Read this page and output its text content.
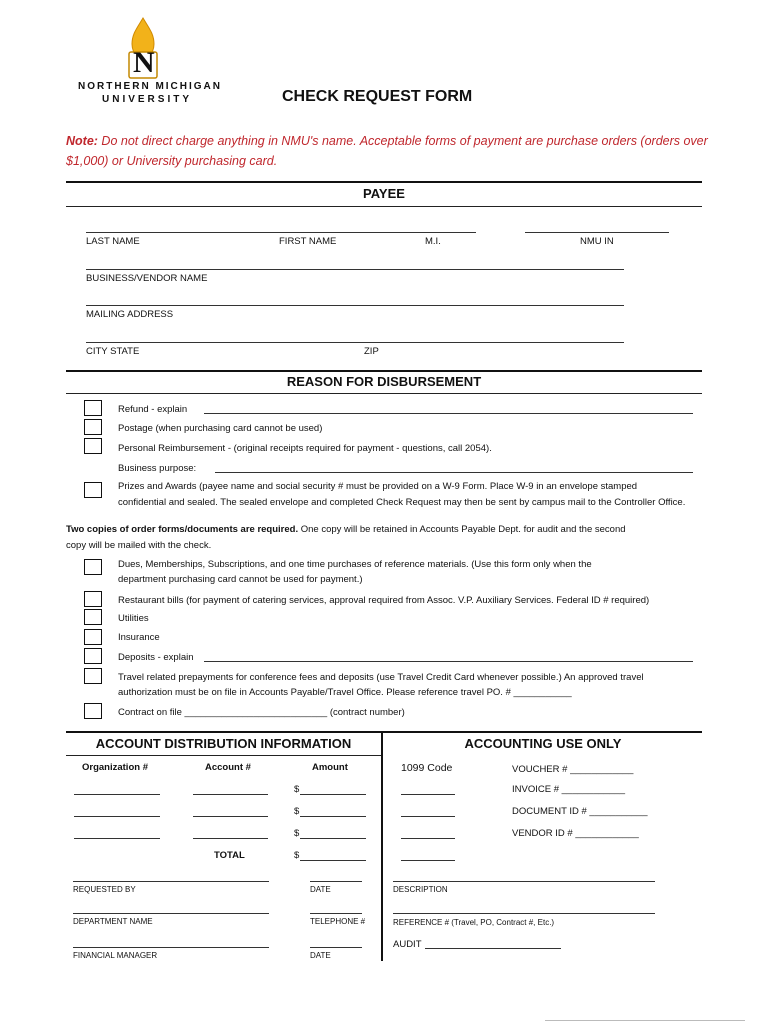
N
NORTHERN MICHIGAN
UNIVERSITY	CHECK REQUEST FORM
Note: Do not direct charge anything in NMU's name. Acceptable forms of payment are purchase orders (orders over $1,000) or University purchasing card.
PAYEE
LAST NAME	FIRST NAME	M.I.	NMU IN
BUSINESS/VENDOR NAME
MAILING ADDRESS
CITY STATE	ZIP
REASON FOR DISBURSEMENT
Refund - explain
Postage (when purchasing card cannot be used)
Personal Reimbursement - (original receipts required for payment - questions, call 2054).
Business purpose:
Prizes and Awards (payee name and social security # must be provided on a W-9 Form. Place W-9 in an envelope stamped
confidential and sealed. The sealed envelope and completed Check Request may then be sent by campus mail to the Controller Office.
Two copies of order forms/documents are required. One copy will be retained in Accounts Payable Dept. for audit and the second
copy will be mailed with the check.
Dues, Memberships, Subscriptions, and one time purchases of reference materials. (Use this form only when the
department purchasing card cannot be used for payment.)
Restaurant bills (for payment of catering services, approval required from Assoc. V.P. Auxiliary Services. Federal ID # required)
Utilities
Insurance
Deposits - explain
Travel related prepayments for conference fees and deposits (use Travel Credit Card whenever possible.) An approved travel
authorization must be on file in Accounts Payable/Travel Office. Please reference travel PO. # ___________
Contract on file ___________________________ (contract number)
ACCOUNT DISTRIBUTION INFORMATION	ACCOUNTING USE ONLY
Organization #	Account #	Amount
$
$
$
TOTAL	$
REQUESTED BY	DATE
DEPARTMENT NAME	TELEPHONE #
FINANCIAL MANAGER	DATE
1099 Code	VOUCHER # ____________
INVOICE # ____________
DOCUMENT ID # ___________
VENDOR ID # ____________
DESCRIPTION
REFERENCE # (Travel, PO, Contract #, Etc.)
AUDIT
